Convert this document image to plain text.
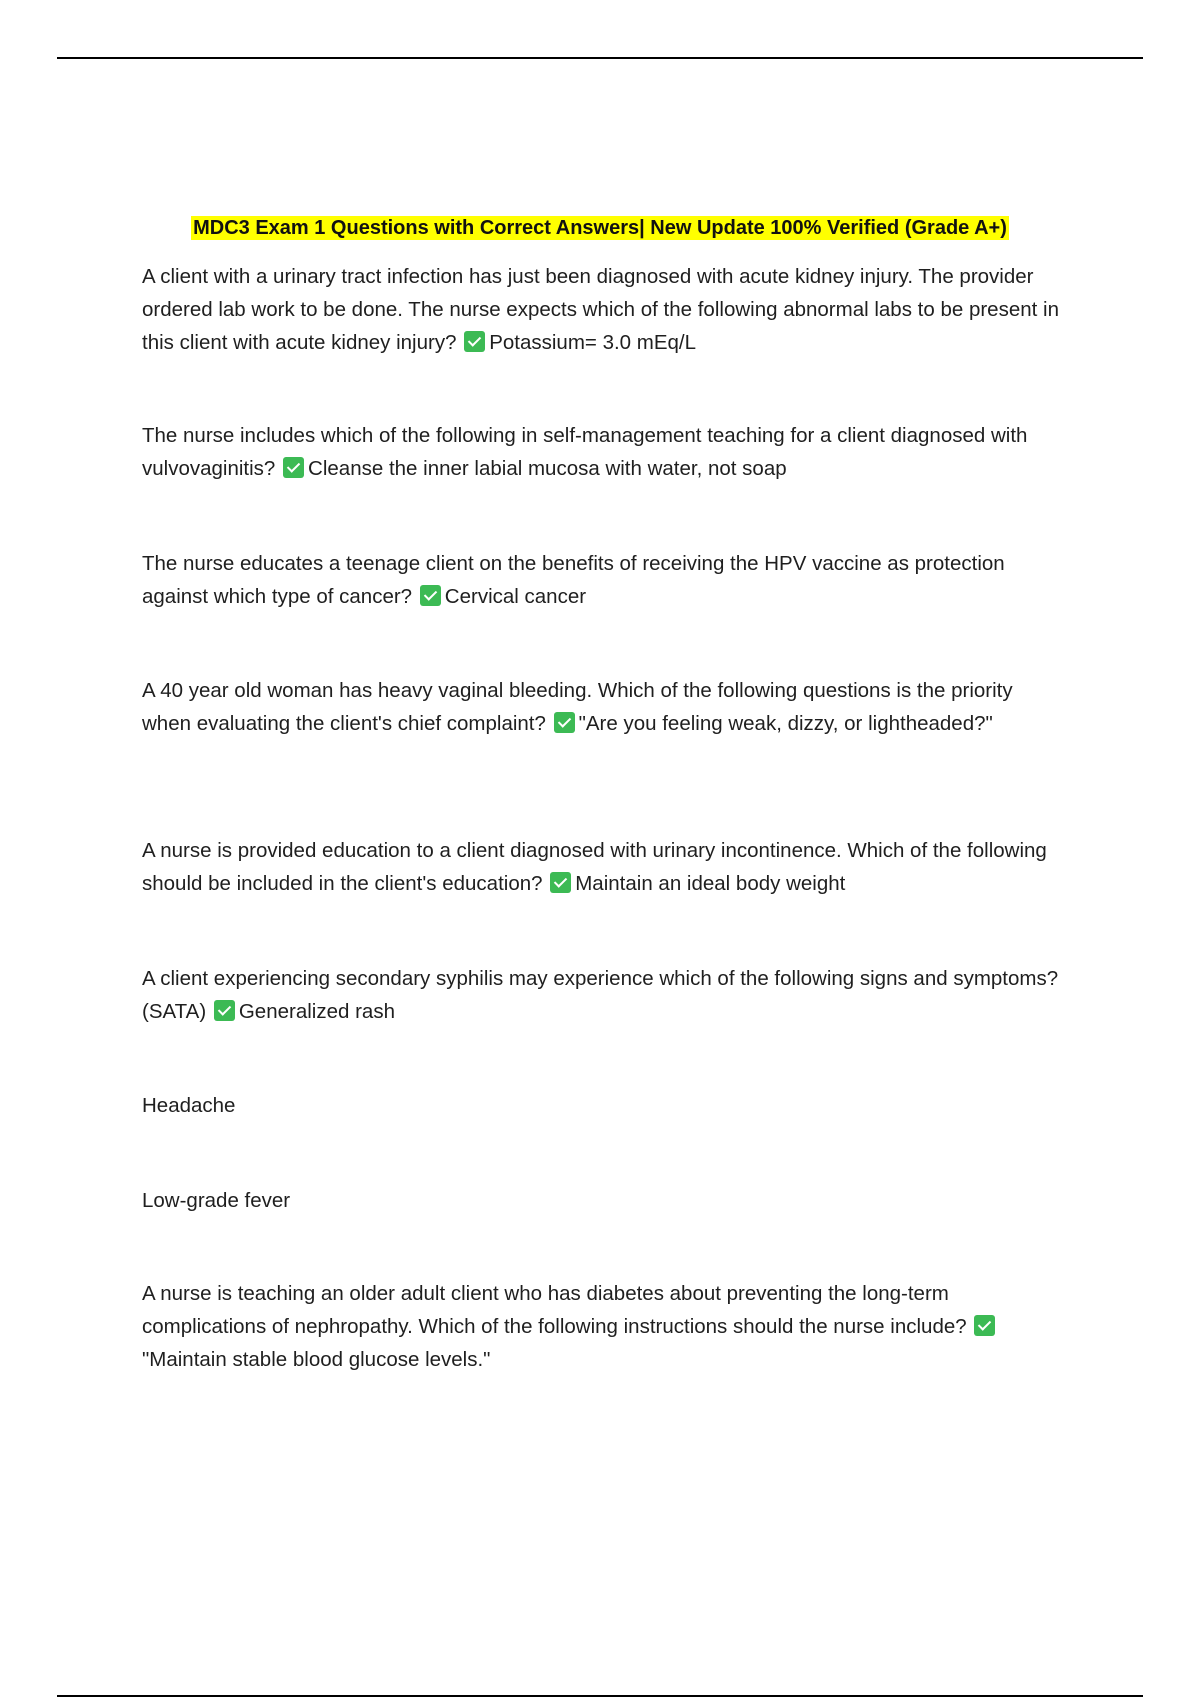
MDC3 Exam 1 Questions with Correct Answers| New Update 100% Verified (Grade A+)

A client with a urinary tract infection has just been diagnosed with acute kidney injury. The provider ordered lab work to be done. The nurse expects which of the following abnormal labs to be present in this client with acute kidney injury? Potassium= 3.0 mEq/L

The nurse includes which of the following in self-management teaching for a client diagnosed with vulvovaginitis? Cleanse the inner labial mucosa with water, not soap

The nurse educates a teenage client on the benefits of receiving the HPV vaccine as protection against which type of cancer? Cervical cancer

A 40 year old woman has heavy vaginal bleeding. Which of the following questions is the priority when evaluating the client's chief complaint? "Are you feeling weak, dizzy, or lightheaded?"

A nurse is provided education to a client diagnosed with urinary incontinence. Which of the following should be included in the client's education? Maintain an ideal body weight

A client experiencing secondary syphilis may experience which of the following signs and symptoms? (SATA) Generalized rash

Headache

Low-grade fever

A nurse is teaching an older adult client who has diabetes about preventing the long-term complications of nephropathy. Which of the following instructions should the nurse include? "Maintain stable blood glucose levels."
